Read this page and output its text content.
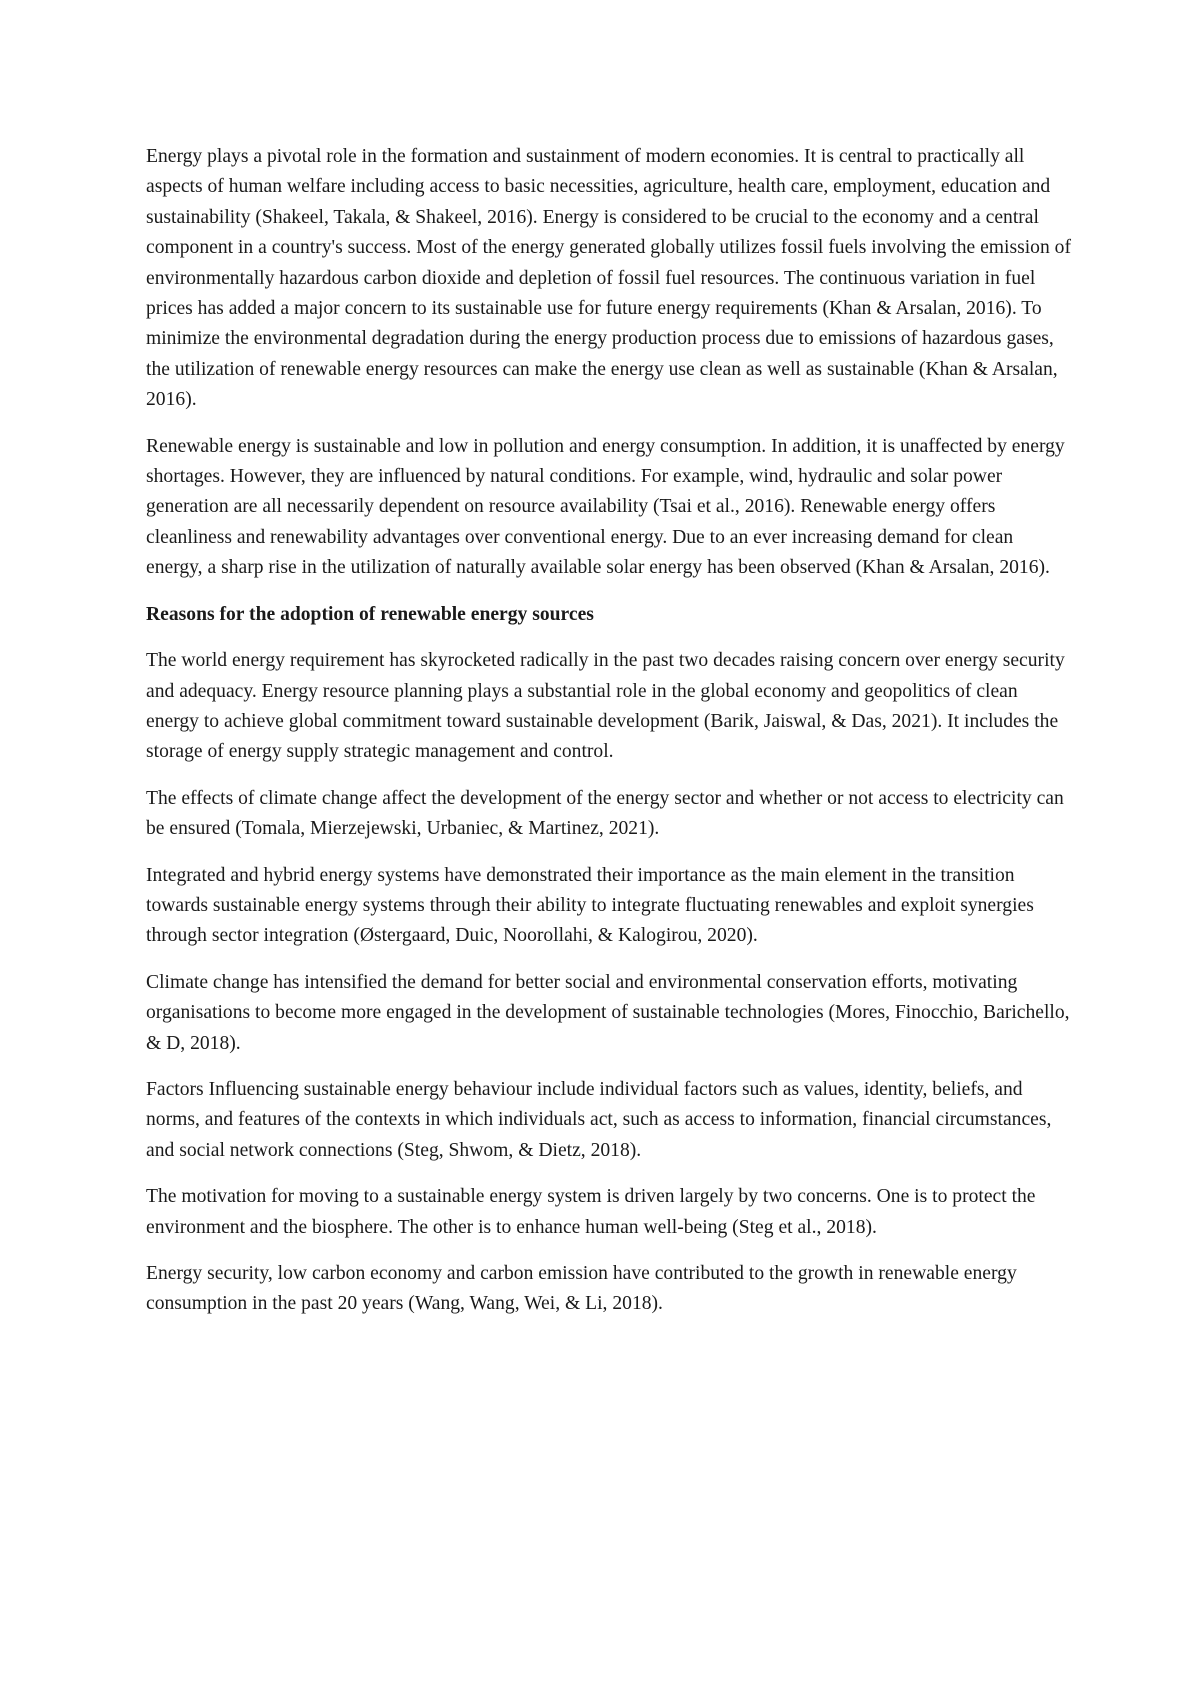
Energy plays a pivotal role in the formation and sustainment of modern economies. It is central to practically all aspects of human welfare including access to basic necessities, agriculture, health care, employment, education and sustainability (Shakeel, Takala, & Shakeel, 2016). Energy is considered to be crucial to the economy and a central component in a country's success. Most of the energy generated globally utilizes fossil fuels involving the emission of environmentally hazardous carbon dioxide and depletion of fossil fuel resources. The continuous variation in fuel prices has added a major concern to its sustainable use for future energy requirements (Khan & Arsalan, 2016). To minimize the environmental degradation during the energy production process due to emissions of hazardous gases, the utilization of renewable energy resources can make the energy use clean as well as sustainable (Khan & Arsalan, 2016).

Renewable energy is sustainable and low in pollution and energy consumption. In addition, it is unaffected by energy shortages. However, they are influenced by natural conditions. For example, wind, hydraulic and solar power generation are all necessarily dependent on resource availability (Tsai et al., 2016). Renewable energy offers cleanliness and renewability advantages over conventional energy. Due to an ever increasing demand for clean energy, a sharp rise in the utilization of naturally available solar energy has been observed (Khan & Arsalan, 2016).

Reasons for the adoption of renewable energy sources

The world energy requirement has skyrocketed radically in the past two decades raising concern over energy security and adequacy. Energy resource planning plays a substantial role in the global economy and geopolitics of clean energy to achieve global commitment toward sustainable development (Barik, Jaiswal, & Das, 2021). It includes the storage of energy supply strategic management and control.

The effects of climate change affect the development of the energy sector and whether or not access to electricity can be ensured (Tomala, Mierzejewski, Urbaniec, & Martinez, 2021).

Integrated and hybrid energy systems have demonstrated their importance as the main element in the transition towards sustainable energy systems through their ability to integrate fluctuating renewables and exploit synergies through sector integration (Østergaard, Duic, Noorollahi, & Kalogirou, 2020).

Climate change has intensified the demand for better social and environmental conservation efforts, motivating organisations to become more engaged in the development of sustainable technologies (Mores, Finocchio, Barichello, & D, 2018).

Factors Influencing sustainable energy behaviour include individual factors such as values, identity, beliefs, and norms, and features of the contexts in which individuals act, such as access to information, financial circumstances, and social network connections (Steg, Shwom, & Dietz, 2018).

The motivation for moving to a sustainable energy system is driven largely by two concerns. One is to protect the environment and the biosphere. The other is to enhance human well-being (Steg et al., 2018).

Energy security, low carbon economy and carbon emission have contributed to the growth in renewable energy consumption in the past 20 years (Wang, Wang, Wei, & Li, 2018).
